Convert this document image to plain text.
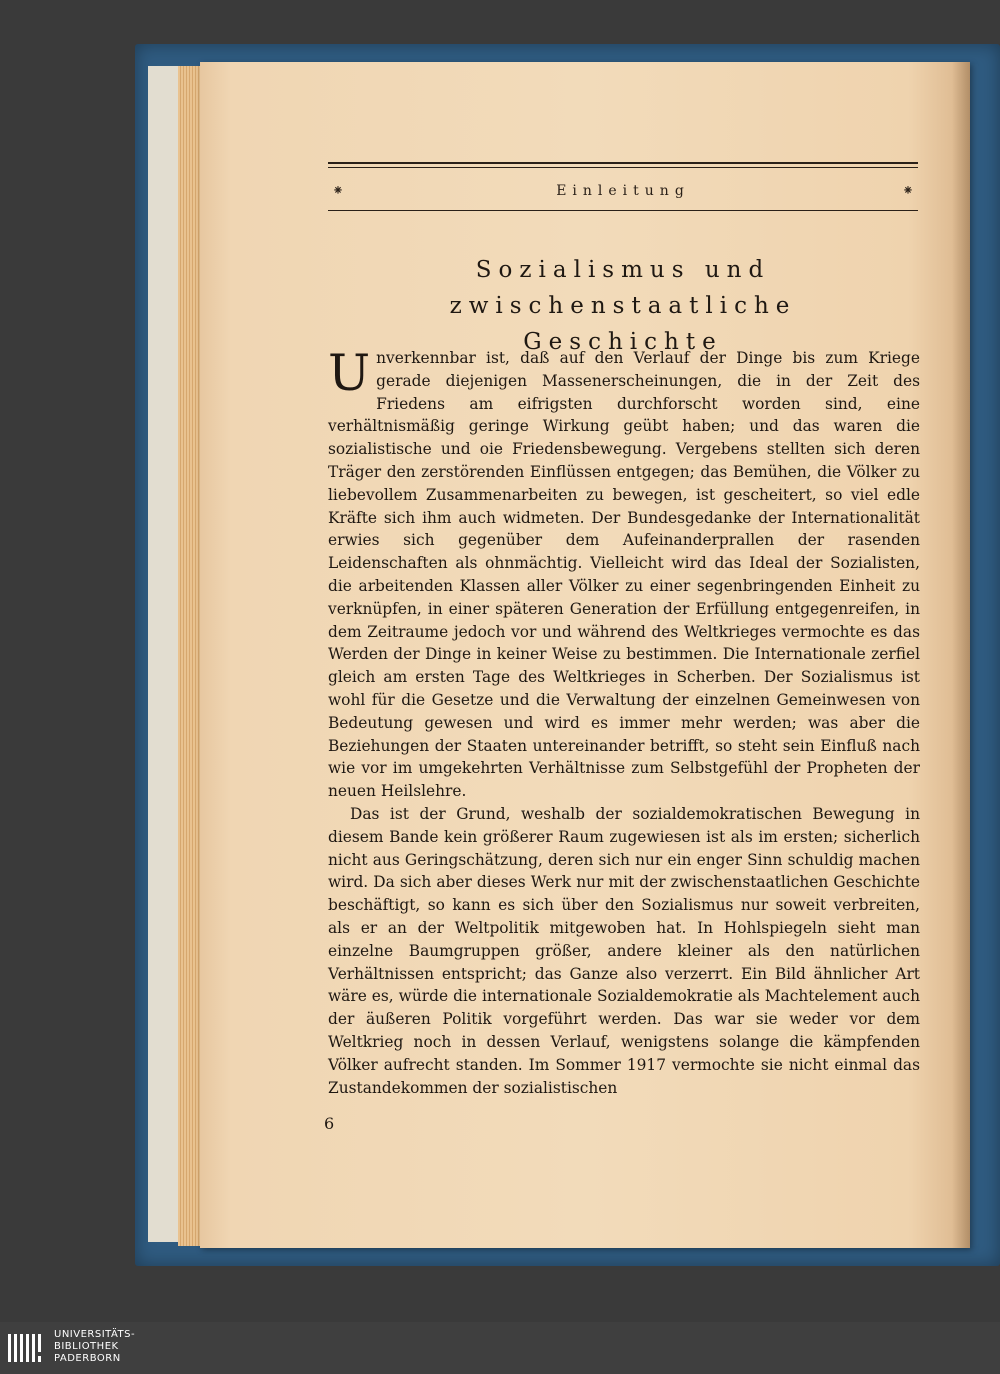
⁕	Einleitung	⁕
Sozialismus und zwischenstaatliche
Geschichte

Unverkennbar ist, daß auf den Verlauf der Dinge bis zum Kriege gerade diejenigen Massenerscheinungen, die in der Zeit des Friedens am eifrigsten durchforscht worden sind, eine verhältnismäßig geringe Wirkung geübt haben; und das waren die sozialistische und oie Friedensbewegung. Vergebens stellten sich deren Träger den zerstörenden Einflüssen entgegen; das Bemühen, die Völker zu liebevollem Zusammenarbeiten zu bewegen, ist gescheitert, so viel edle Kräfte sich ihm auch widmeten. Der Bundesgedanke der Internationalität erwies sich gegenüber dem Aufeinanderprallen der rasenden Leidenschaften als ohnmächtig. Vielleicht wird das Ideal der Sozialisten, die arbeitenden Klassen aller Völker zu einer segenbringenden Einheit zu verknüpfen, in einer späteren Generation der Erfüllung entgegenreifen, in dem Zeitraume jedoch vor und während des Weltkrieges vermochte es das Werden der Dinge in keiner Weise zu bestimmen. Die Internationale zerfiel gleich am ersten Tage des Weltkrieges in Scherben. Der Sozialismus ist wohl für die Gesetze und die Verwaltung der einzelnen Gemeinwesen von Bedeutung gewesen und wird es immer mehr werden; was aber die Beziehungen der Staaten untereinander betrifft, so steht sein Einfluß nach wie vor im umgekehrten Verhältnisse zum Selbstgefühl der Propheten der neuen Heilslehre.

Das ist der Grund, weshalb der sozialdemokratischen Bewegung in diesem Bande kein größerer Raum zugewiesen ist als im ersten; sicherlich nicht aus Geringschätzung, deren sich nur ein enger Sinn schuldig machen wird. Da sich aber dieses Werk nur mit der zwischenstaatlichen Geschichte beschäftigt, so kann es sich über den Sozialismus nur soweit verbreiten, als er an der Weltpolitik mitgewoben hat. In Hohlspiegeln sieht man einzelne Baumgruppen größer, andere kleiner als den natürlichen Verhältnissen entspricht; das Ganze also verzerrt. Ein Bild ähnlicher Art wäre es, würde die internationale Sozialdemokratie als Machtelement auch der äußeren Politik vorgeführt werden. Das war sie weder vor dem Weltkrieg noch in dessen Verlauf, wenigstens solange die kämpfenden Völker aufrecht standen. Im Sommer 1917 vermochte sie nicht einmal das Zustandekommen der sozialistischen

6
UNIVERSITÄTS-
BIBLIOTHEK
PADERBORN
